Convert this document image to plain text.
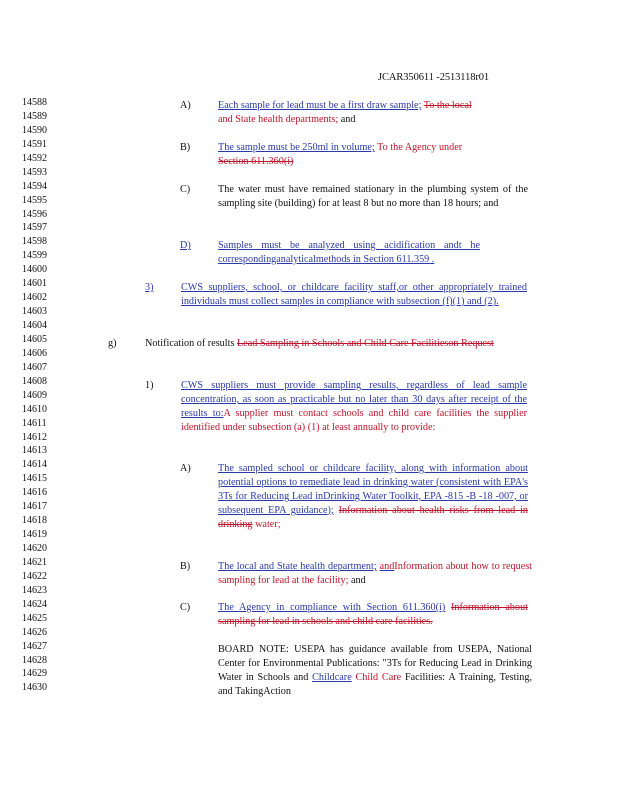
JCAR350611 -2513118r01
14588
14589
14590
14591
14592
14593
14594
14595
14596
14597
14598
14599
14600
14601
14602
14603
14604
14605
14606
14607
14608
14609
14610
14611
14612
14613
14614
14615
14616
14617
14618
14619
14620
14621
14622
14623
14624
14625
14626
14627
14628
14629
14630
A)	Each sample for lead must be a first draw sample; To the local
and State health departments; and
B)	The sample must be 250ml in volume; To the Agency under
Section 611.360(i)
C)	The water must have remained stationary in the plumbing system of the sampling site (building) for at least 8 but no more than 18 hours; and
D)	Samples must be analyzed using acidification andt he correspondinganalyticalmethods in Section 611.359 .
3)	CWS suppliers, school, or childcare facility staff,or other appropriately trained individuals must collect samples in compliance with subsection (f)(1) and (2).
g)	Notification of results Lead Sampling in Schools and Child Care Facilitieson Request
1)	CWS suppliers must provide sampling results, regardless of lead sample concentration, as soon as practicable but no later than 30 days after receipt of the results to:A supplier must contact schools and child care facilities the supplier identified under subsection (a) (1) at least annually to provide:
A)	The sampled school or childcare facility, along with information about potential options to remediate lead in drinking water (consistent with EPA's 3Ts for Reducing Lead inDrinking Water Toolkit, EPA -815 -B -18 -007, or subsequent EPA guidance); Information about health risks from lead in drinking water;
B)	The local and State health department; andInformation about how to request sampling for lead at the facility; and
C)	The Agency in compliance with Section 611.360(i) Information about sampling for lead in schools and child care facilities.
BOARD NOTE: USEPA has guidance available from USEPA, National Center for Environmental Publications: "3Ts for Reducing Lead in Drinking Water in Schools and Childcare Child Care Facilities: A Training, Testing, and TakingAction
